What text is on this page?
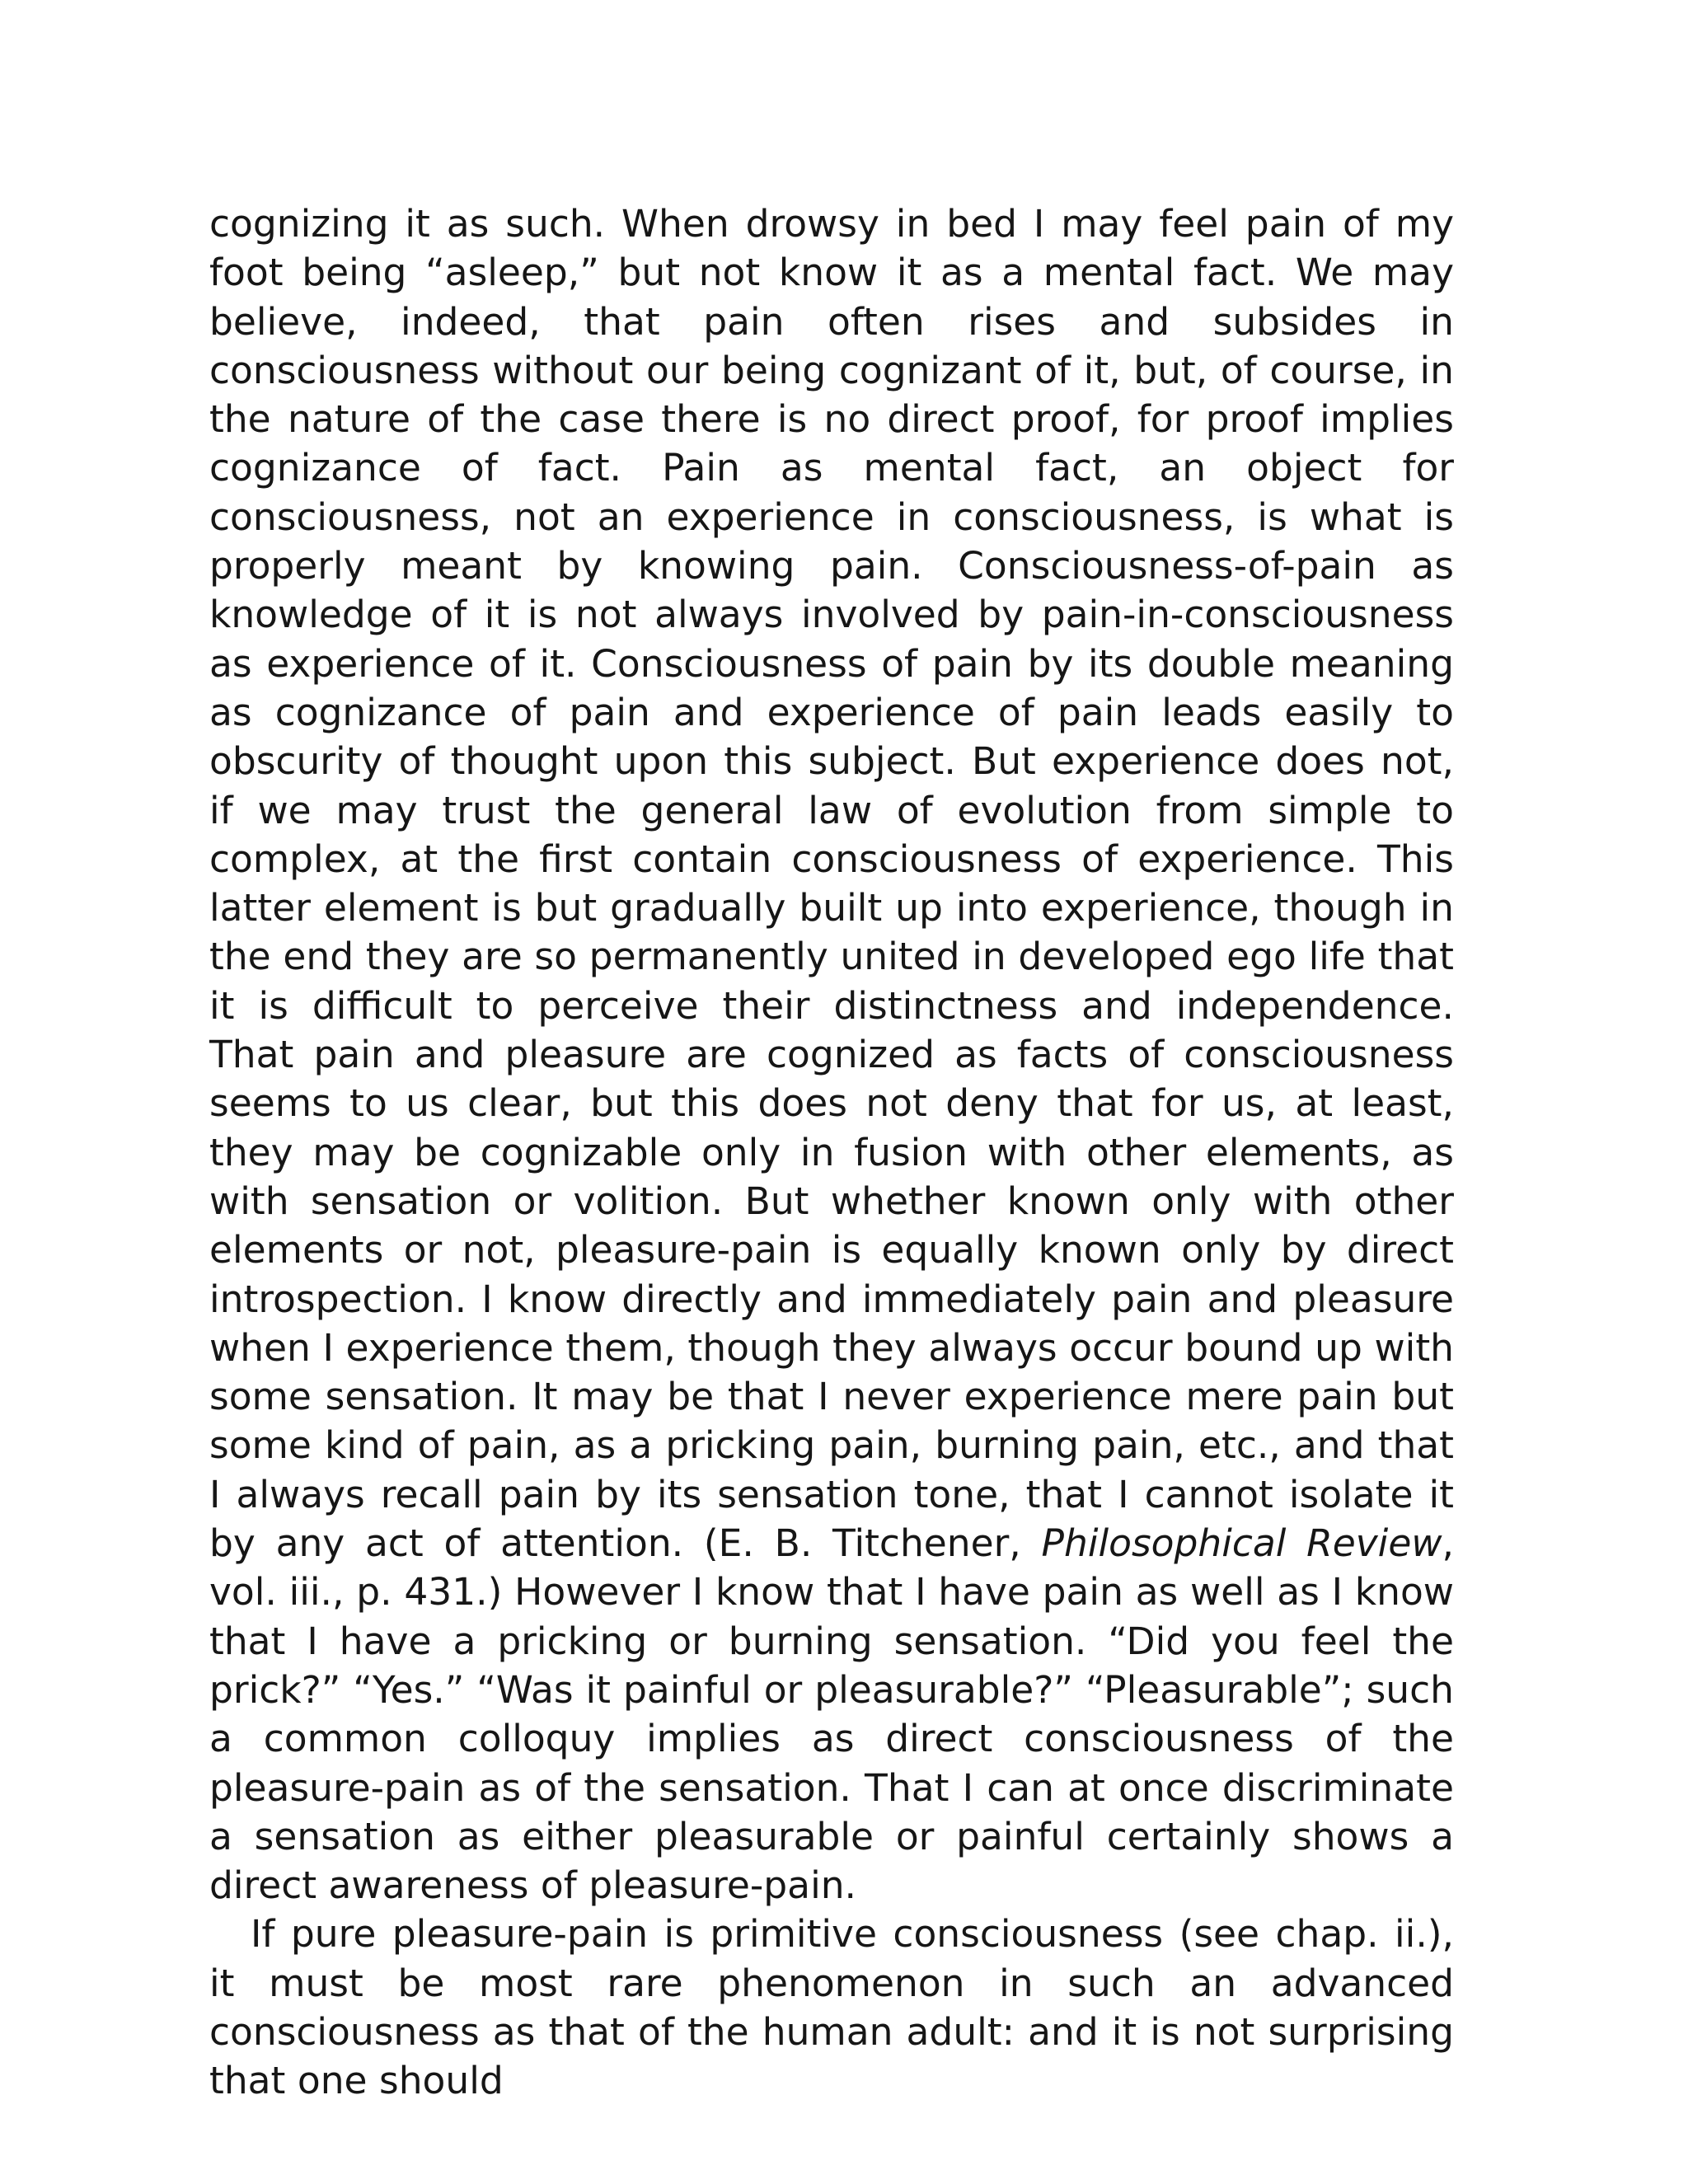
cognizing it as such. When drowsy in bed I may feel pain of my foot being “asleep,” but not know it as a mental fact. We may believe, indeed, that pain often rises and subsides in consciousness without our being cognizant of it, but, of course, in the nature of the case there is no direct proof, for proof implies cognizance of fact. Pain as mental fact, an object for consciousness, not an experience in consciousness, is what is properly meant by knowing pain. Consciousness-of-pain as knowledge of it is not always involved by pain-in-consciousness as experience of it. Consciousness of pain by its double meaning as cognizance of pain and experience of pain leads easily to obscurity of thought upon this subject. But experience does not, if we may trust the general law of evolution from simple to complex, at the first contain consciousness of experience. This latter element is but gradually built up into experience, though in the end they are so permanently united in developed ego life that it is difficult to perceive their distinctness and independence. That pain and pleasure are cognized as facts of consciousness seems to us clear, but this does not deny that for us, at least, they may be cognizable only in fusion with other elements, as with sensation or volition. But whether known only with other elements or not, pleasure-pain is equally known only by direct introspection. I know directly and immediately pain and pleasure when I experience them, though they always occur bound up with some sensation. It may be that I never experience mere pain but some kind of pain, as a pricking pain, burning pain, etc., and that I always recall pain by its sensation tone, that I cannot isolate it by any act of attention. (E. B. Titchener, Philosophical Review, vol. iii., p. 431.) However I know that I have pain as well as I know that I have a pricking or burning sensation. “Did you feel the prick?” “Yes.” “Was it painful or pleasurable?” “Pleasurable”; such a common colloquy implies as direct consciousness of the pleasure-pain as of the sensation. That I can at once discriminate a sensation as either pleasurable or painful certainly shows a direct awareness of pleasure-pain.

If pure pleasure-pain is primitive consciousness (see chap. ii.), it must be most rare phenomenon in such an advanced consciousness as that of the human adult: and it is not surprising that one should
